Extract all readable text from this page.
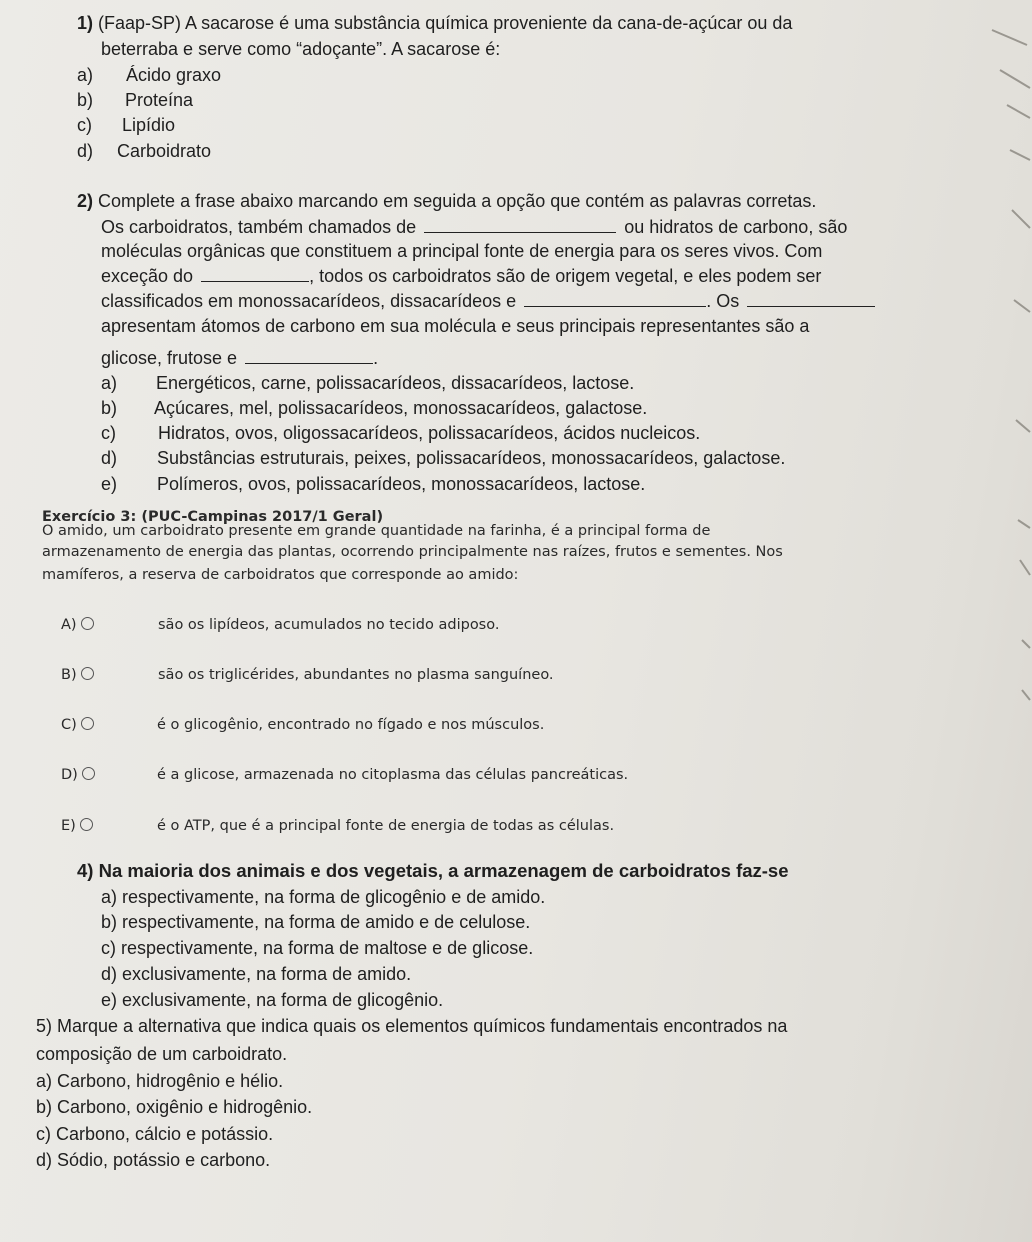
1) (Faap-SP) A sacarose é uma substância química proveniente da cana-de-açúcar ou da
beterraba e serve como “adoçante”. A sacarose é:
a) Ácido graxo
b) Proteína
c) Lipídio
d) Carboidrato
2) Complete a frase abaixo marcando em seguida a opção que contém as palavras corretas.
Os carboidratos, também chamados de	ou hidratos de carbono, são
moléculas orgânicas que constituem a principal fonte de energia para os seres vivos. Com
exceção do	, todos os carboidratos são de origem vegetal, e eles podem ser
classificados em monossacarídeos, dissacarídeos e	. Os
apresentam átomos de carbono em sua molécula e seus principais representantes são a
glicose, frutose e	.
a) Energéticos, carne, polissacarídeos, dissacarídeos, lactose.
b) Açúcares, mel, polissacarídeos, monossacarídeos, galactose.
c) Hidratos, ovos, oligossacarídeos, polissacarídeos, ácidos nucleicos.
d) Substâncias estruturais, peixes, polissacarídeos, monossacarídeos, galactose.
e) Polímeros, ovos, polissacarídeos, monossacarídeos, lactose.
Exercício 3: (PUC-Campinas 2017/1 Geral)
O amido, um carboidrato presente em grande quantidade na farinha, é a principal forma de
armazenamento de energia das plantas, ocorrendo principalmente nas raízes, frutos e sementes. Nos
mamíferos, a reserva de carboidratos que corresponde ao amido:
A)	são os lipídeos, acumulados no tecido adiposo.
B)	são os triglicérides, abundantes no plasma sanguíneo.
C)	é o glicogênio, encontrado no fígado e nos músculos.
D)	é a glicose, armazenada no citoplasma das células pancreáticas.
E)	é o ATP, que é a principal fonte de energia de todas as células.
4) Na maioria dos animais e dos vegetais, a armazenagem de carboidratos faz-se
a) respectivamente, na forma de glicogênio e de amido.
b) respectivamente, na forma de amido e de celulose.
c) respectivamente, na forma de maltose e de glicose.
d) exclusivamente, na forma de amido.
e) exclusivamente, na forma de glicogênio.
5) Marque a alternativa que indica quais os elementos químicos fundamentais encontrados na
composição de um carboidrato.
a) Carbono, hidrogênio e hélio.
b) Carbono, oxigênio e hidrogênio.
c) Carbono, cálcio e potássio.
d) Sódio, potássio e carbono.
